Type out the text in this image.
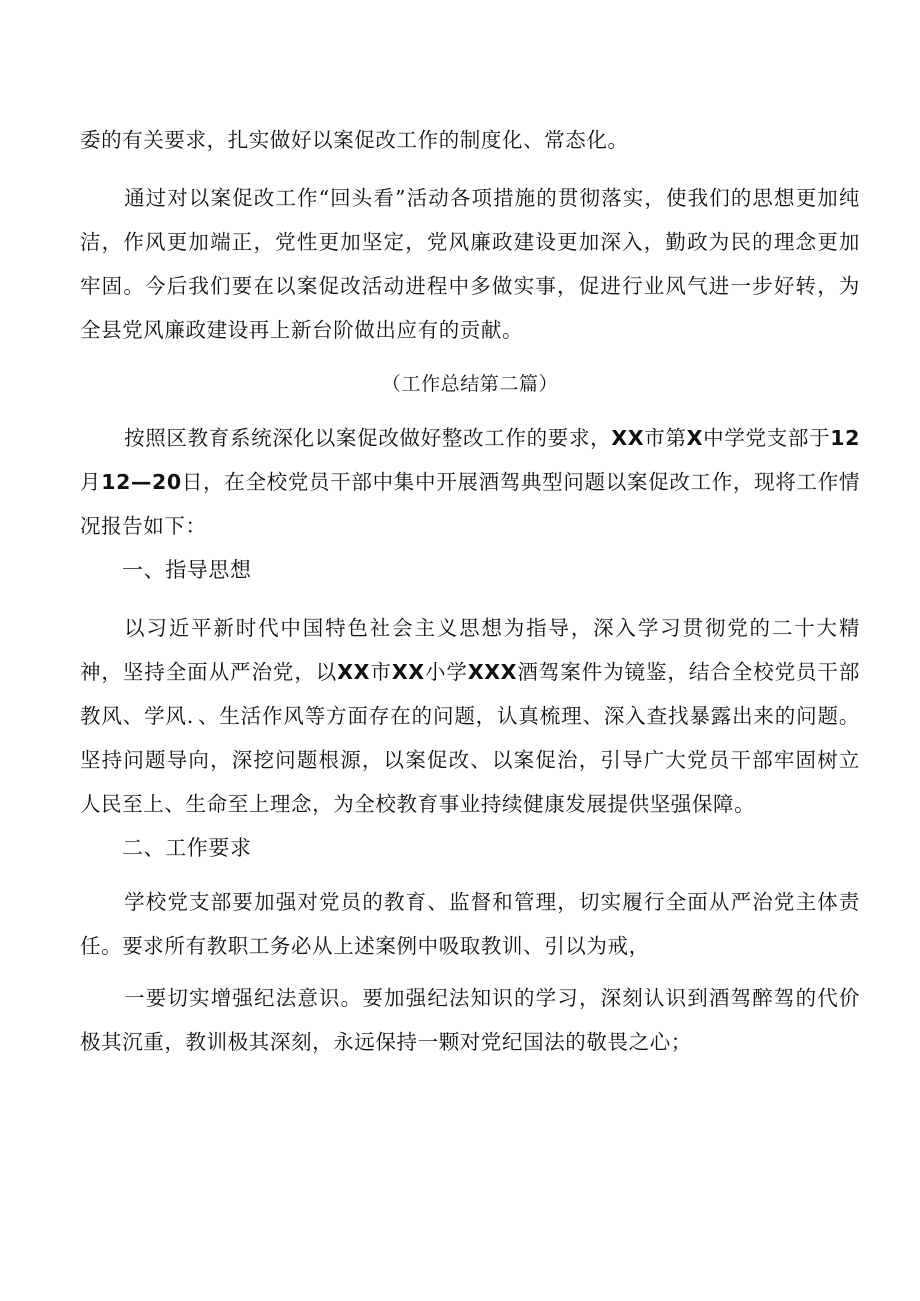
委的有关要求，扎实做好以案促改工作的制度化、常态化。

通过对以案促改工作“回头看”活动各项措施的贯彻落实，使我们的思想更加纯洁，作风更加端正，党性更加坚定，党风廉政建设更加深入，勤政为民的理念更加牢固。今后我们要在以案促改活动进程中多做实事，促进行业风气进一步好转，为全县党风廉政建设再上新台阶做出应有的贡献。

（工作总结第二篇）

按照区教育系统深化以案促改做好整改工作的要求，XX市第X中学党支部于12月12—20日，在全校党员干部中集中开展酒驾典型问题以案促改工作，现将工作情况报告如下：

一、指导思想

以习近平新时代中国特色社会主义思想为指导，深入学习贯彻党的二十大精神，坚持全面从严治党，以XX市XX小学XXX酒驾案件为镜鉴，结合全校党员干部教风、学风．、生活作风等方面存在的问题，认真梳理、深入查找暴露出来的问题。坚持问题导向，深挖问题根源，以案促改、以案促治，引导广大党员干部牢固树立人民至上、生命至上理念，为全校教育事业持续健康发展提供坚强保障。

二、工作要求

学校党支部要加强对党员的教育、监督和管理，切实履行全面从严治党主体责任。要求所有教职工务必从上述案例中吸取教训、引以为戒，

一要切实增强纪法意识。要加强纪法知识的学习，深刻认识到酒驾醉驾的代价极其沉重，教训极其深刻，永远保持一颗对党纪国法的敬畏之心；
